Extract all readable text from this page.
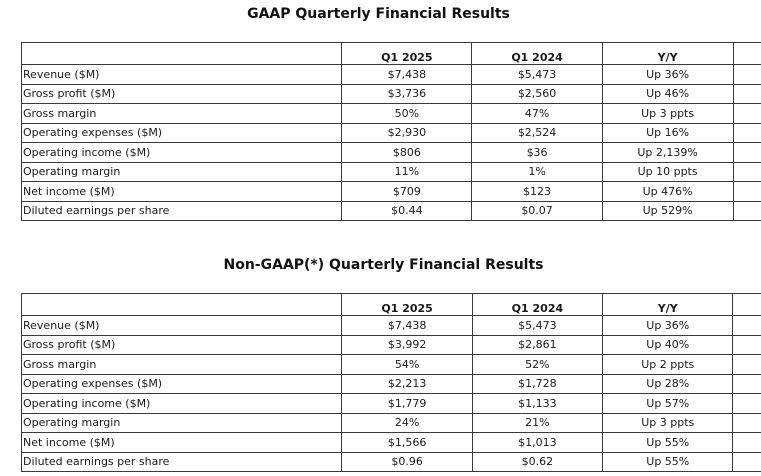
GAAP Quarterly Financial Results
	Q1 2025	Q1 2024	Y/Y	
Revenue ($M)	$7,438	$5,473	Up 36%	
Gross profit ($M)	$3,736	$2,560	Up 46%	
Gross margin	50%	47%	Up 3 ppts	
Operating expenses ($M)	$2,930	$2,524	Up 16%	
Operating income ($M)	$806	$36	Up 2,139%	
Operating margin	11%	1%	Up 10 ppts	
Net income ($M)	$709	$123	Up 476%	
Diluted earnings per share	$0.44	$0.07	Up 529%	
Non-GAAP(*) Quarterly Financial Results
	Q1 2025	Q1 2024	Y/Y	
Revenue ($M)	$7,438	$5,473	Up 36%	
Gross profit ($M)	$3,992	$2,861	Up 40%	
Gross margin	54%	52%	Up 2 ppts	
Operating expenses ($M)	$2,213	$1,728	Up 28%	
Operating income ($M)	$1,779	$1,133	Up 57%	
Operating margin	24%	21%	Up 3 ppts	
Net income ($M)	$1,566	$1,013	Up 55%	
Diluted earnings per share	$0.96	$0.62	Up 55%	
